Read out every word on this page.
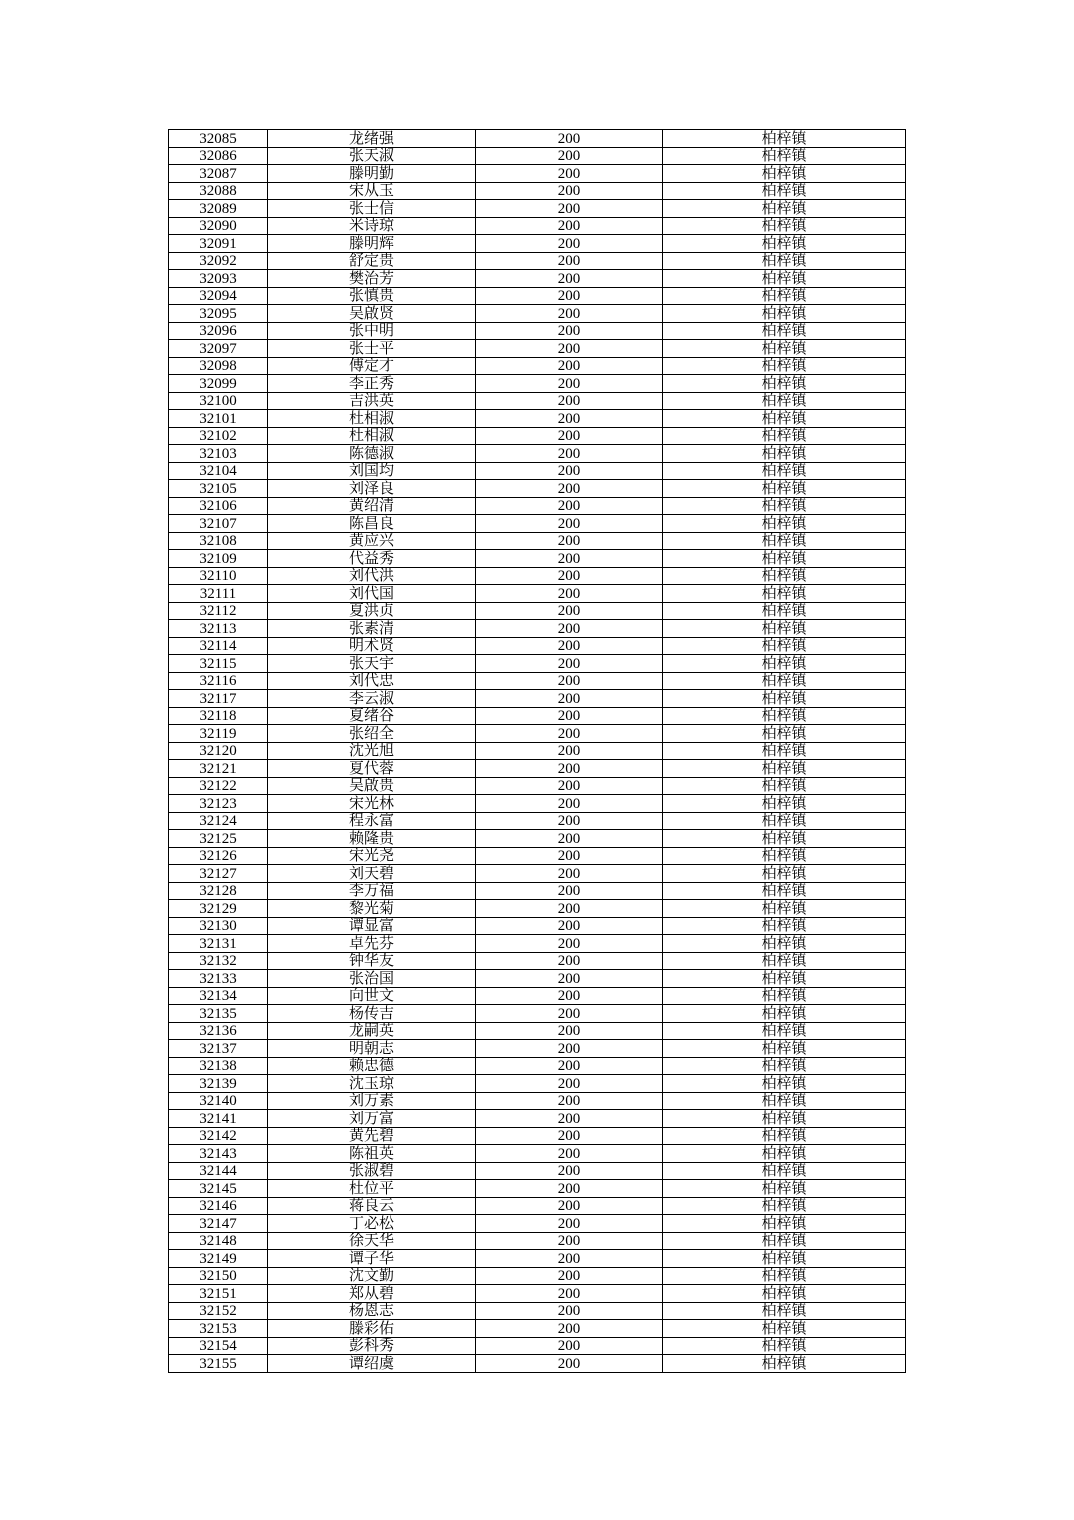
32085	龙绪强	200	柏梓镇
32086	张天淑	200	柏梓镇
32087	滕明勤	200	柏梓镇
32088	宋从玉	200	柏梓镇
32089	张士信	200	柏梓镇
32090	米诗琼	200	柏梓镇
32091	滕明辉	200	柏梓镇
32092	舒定贵	200	柏梓镇
32093	樊治芳	200	柏梓镇
32094	张慎贵	200	柏梓镇
32095	吴啟贤	200	柏梓镇
32096	张中明	200	柏梓镇
32097	张士平	200	柏梓镇
32098	傅定才	200	柏梓镇
32099	李正秀	200	柏梓镇
32100	吉洪英	200	柏梓镇
32101	杜相淑	200	柏梓镇
32102	杜相淑	200	柏梓镇
32103	陈德淑	200	柏梓镇
32104	刘国均	200	柏梓镇
32105	刘泽良	200	柏梓镇
32106	黄绍清	200	柏梓镇
32107	陈昌良	200	柏梓镇
32108	黄应兴	200	柏梓镇
32109	代益秀	200	柏梓镇
32110	刘代洪	200	柏梓镇
32111	刘代国	200	柏梓镇
32112	夏洪贞	200	柏梓镇
32113	张素清	200	柏梓镇
32114	明术贤	200	柏梓镇
32115	张天宇	200	柏梓镇
32116	刘代忠	200	柏梓镇
32117	李云淑	200	柏梓镇
32118	夏绪谷	200	柏梓镇
32119	张绍全	200	柏梓镇
32120	沈光旭	200	柏梓镇
32121	夏代蓉	200	柏梓镇
32122	吴啟贵	200	柏梓镇
32123	宋光林	200	柏梓镇
32124	程永富	200	柏梓镇
32125	赖隆贵	200	柏梓镇
32126	宋光尧	200	柏梓镇
32127	刘天碧	200	柏梓镇
32128	李万福	200	柏梓镇
32129	黎光菊	200	柏梓镇
32130	谭显富	200	柏梓镇
32131	卓先芬	200	柏梓镇
32132	钟华友	200	柏梓镇
32133	张治国	200	柏梓镇
32134	向世文	200	柏梓镇
32135	杨传吉	200	柏梓镇
32136	龙嗣英	200	柏梓镇
32137	明朝志	200	柏梓镇
32138	赖忠德	200	柏梓镇
32139	沈玉琼	200	柏梓镇
32140	刘万素	200	柏梓镇
32141	刘万富	200	柏梓镇
32142	黄先碧	200	柏梓镇
32143	陈祖英	200	柏梓镇
32144	张淑碧	200	柏梓镇
32145	杜位平	200	柏梓镇
32146	蒋良云	200	柏梓镇
32147	丁必松	200	柏梓镇
32148	徐天华	200	柏梓镇
32149	谭子华	200	柏梓镇
32150	沈文勤	200	柏梓镇
32151	郑从碧	200	柏梓镇
32152	杨恩志	200	柏梓镇
32153	滕彩佑	200	柏梓镇
32154	彭科秀	200	柏梓镇
32155	谭绍虞	200	柏梓镇
